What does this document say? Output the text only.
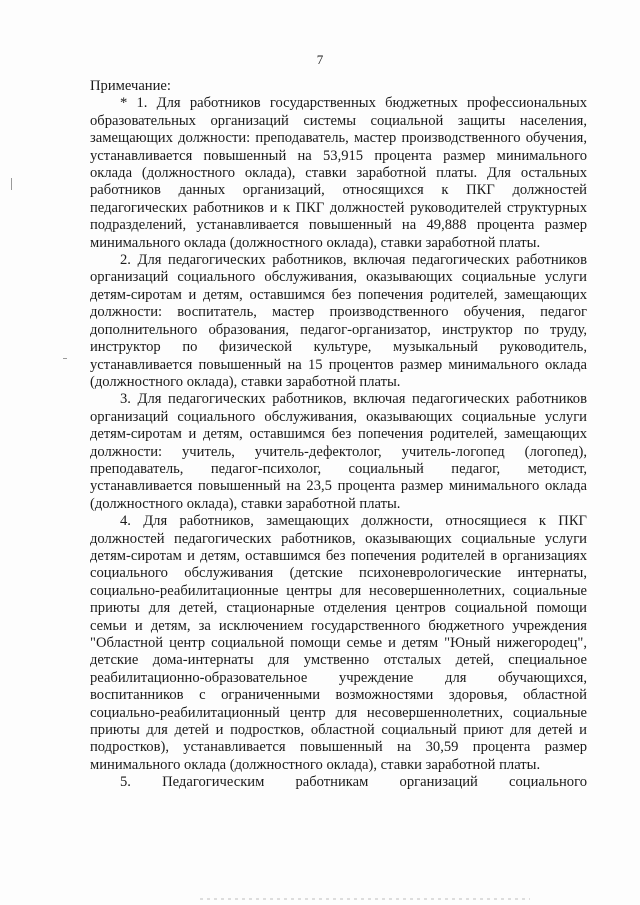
7

Примечание:

* 1. Для работников государственных бюджетных профессиональных образовательных организаций системы социальной защиты населения, замещающих должности: преподаватель, мастер производственного обучения, устанавливается повышенный на 53,915 процента размер минимального оклада (должностного оклада), ставки заработной платы. Для остальных работников данных организаций, относящихся к ПКГ должностей педагогических работников и к ПКГ должностей руководителей структурных подразделений, устанавливается повышенный на 49,888 процента размер минимального оклада (должностного оклада), ставки заработной платы.

2. Для педагогических работников, включая педагогических работников организаций социального обслуживания, оказывающих социальные услуги детям-сиротам и детям, оставшимся без попечения родителей, замещающих должности: воспитатель, мастер производственного обучения, педагог дополнительного образования, педагог-организатор, инструктор по труду, инструктор по физической культуре, музыкальный руководитель, устанавливается повышенный на 15 процентов размер минимального оклада (должностного оклада), ставки заработной платы.

3. Для педагогических работников, включая педагогических работников организаций социального обслуживания, оказывающих социальные услуги детям-сиротам и детям, оставшимся без попечения родителей, замещающих должности: учитель, учитель-дефектолог, учитель-логопед (логопед), преподаватель, педагог-психолог, социальный педагог, методист, устанавливается повышенный на 23,5 процента размер минимального оклада (должностного оклада), ставки заработной платы.

4. Для работников, замещающих должности, относящиеся к ПКГ должностей педагогических работников, оказывающих социальные услуги детям-сиротам и детям, оставшимся без попечения родителей в организациях социального обслуживания (детские психоневрологические интернаты, социально-реабилитационные центры для несовершеннолетних, социальные приюты для детей, стационарные отделения центров социальной помощи семьи и детям, за исключением государственного бюджетного учреждения "Областной центр социальной помощи семье и детям "Юный нижегородец", детские дома-интернаты для умственно отсталых детей, специальное реабилитационно-образовательное учреждение для обучающихся, воспитанников с ограниченными возможностями здоровья, областной социально-реабилитационный центр для несовершеннолетних, социальные приюты для детей и подростков, областной социальный приют для детей и подростков), устанавливается повышенный на 30,59 процента размер минимального оклада (должностного оклада), ставки заработной платы.

5. Педагогическим работникам организаций социального
